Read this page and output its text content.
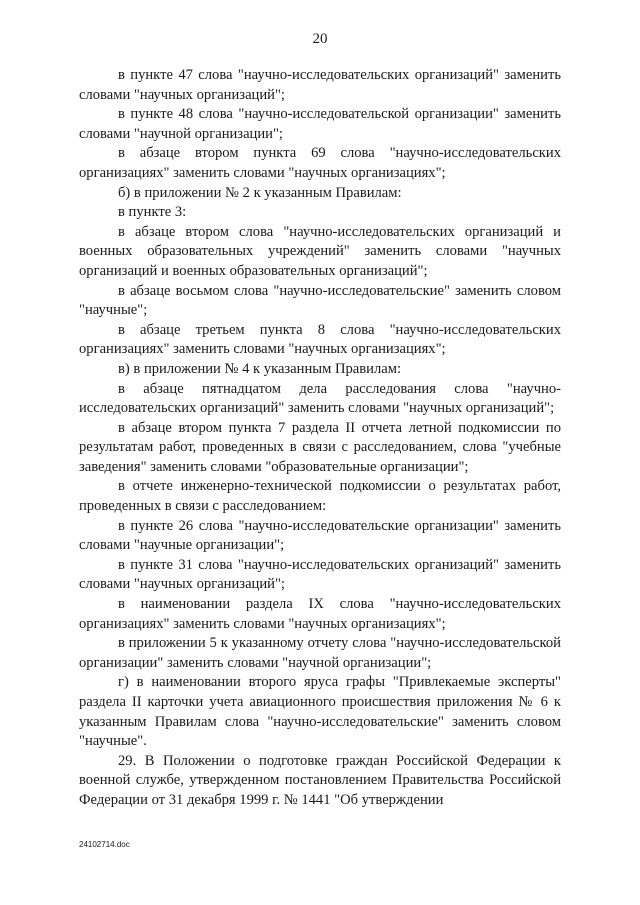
20

в пункте 47 слова "научно-исследовательских организаций" заменить словами "научных организаций";

в пункте 48 слова "научно-исследовательской организации" заменить словами "научной организации";

в абзаце втором пункта 69 слова "научно-исследовательских организациях" заменить словами "научных организациях";

б) в приложении № 2 к указанным Правилам:

в пункте 3:

в абзаце втором слова "научно-исследовательских организаций и военных образовательных учреждений" заменить словами "научных организаций и военных образовательных организаций";

в абзаце восьмом слова "научно-исследовательские" заменить словом "научные";

в абзаце третьем пункта 8 слова "научно-исследовательских организациях" заменить словами "научных организациях";

в) в приложении № 4 к указанным Правилам:

в абзаце пятнадцатом дела расследования слова "научно-исследовательских организаций" заменить словами "научных организаций";

в абзаце втором пункта 7 раздела II отчета летной подкомиссии по результатам работ, проведенных в связи с расследованием, слова "учебные заведения" заменить словами "образовательные организации";

в отчете инженерно-технической подкомиссии о результатах работ, проведенных в связи с расследованием:

в пункте 26 слова "научно-исследовательские организации" заменить словами "научные организации";

в пункте 31 слова "научно-исследовательских организаций" заменить словами "научных организаций";

в наименовании раздела IX слова "научно-исследовательских организациях" заменить словами "научных организациях";

в приложении 5 к указанному отчету слова "научно-исследовательской организации" заменить словами "научной организации";

г) в наименовании второго яруса графы "Привлекаемые эксперты" раздела II карточки учета авиационного происшествия приложения № 6 к указанным Правилам слова "научно-исследовательские" заменить словом "научные".

29. В Положении о подготовке граждан Российской Федерации к военной службе, утвержденном постановлением Правительства Российской Федерации от 31 декабря 1999 г. № 1441 "Об утверждении

24102714.doc
